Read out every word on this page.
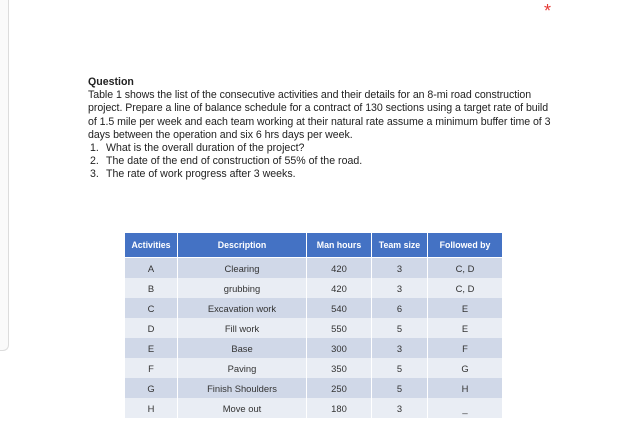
*

Question

Table 1 shows the list of the consecutive activities and their details for an 8-mi road construction project. Prepare a line of balance schedule for a contract of 130 sections using a target rate of build of 1.5 mile per week and each team working at their natural rate assume a minimum buffer time of 3 days between the operation and six 6 hrs days per week.

1. What is the overall duration of the project?
2. The date of the end of construction of 55% of the road.
3. The rate of work progress after 3 weeks.
Activities	Description	Man hours	Team size	Followed by
A	Clearing	420	3	C, D
B	grubbing	420	3	C, D
C	Excavation work	540	6	E
D	Fill work	550	5	E
E	Base	300	3	F
F	Paving	350	5	G
G	Finish Shoulders	250	5	H
H	Move out	180	3	_
